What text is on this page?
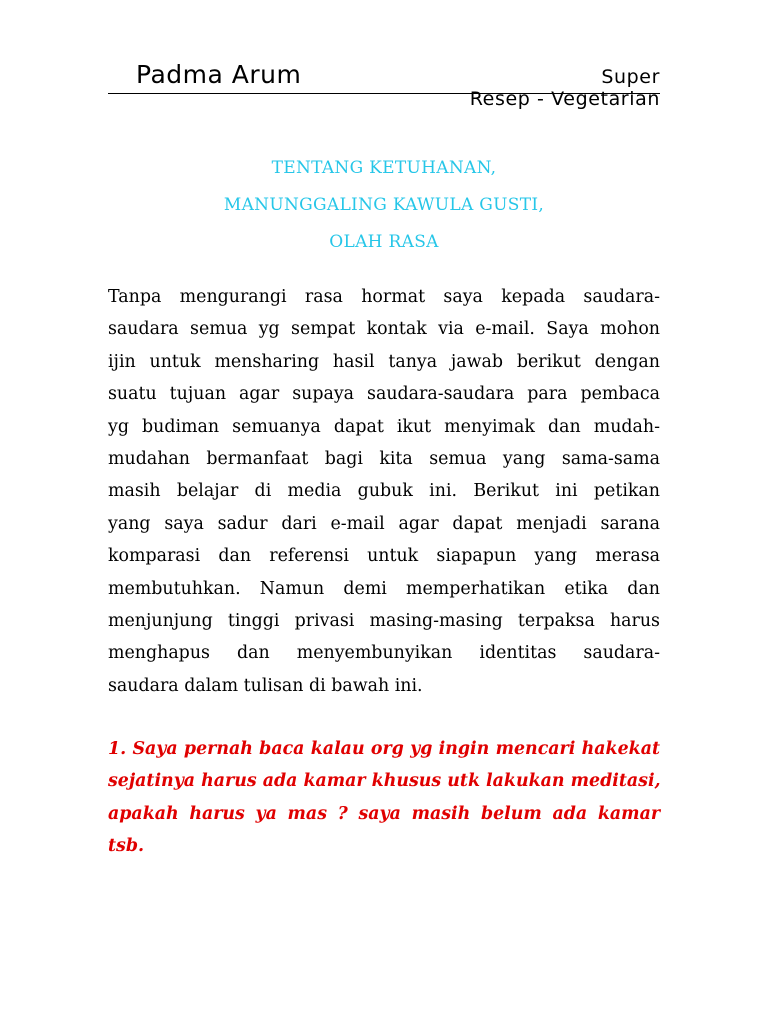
Padma Arum	Super
Resep - Vegetarian
TENTANG KETUHANAN,
MANUNGGALING KAWULA GUSTI,
OLAH RASA
Tanpa mengurangi rasa hormat saya kepada saudara-
saudara semua yg sempat kontak via e-mail. Saya mohon
ijin untuk mensharing hasil tanya jawab berikut dengan
suatu tujuan agar supaya saudara-saudara para pembaca
yg budiman semuanya dapat ikut menyimak dan mudah-
mudahan bermanfaat bagi kita semua yang sama-sama
masih belajar di media gubuk ini. Berikut ini petikan
yang saya sadur dari e-mail agar dapat menjadi sarana
komparasi dan referensi untuk siapapun yang merasa
membutuhkan. Namun demi memperhatikan etika dan
menjunjung tinggi privasi masing-masing terpaksa harus
menghapus dan menyembunyikan identitas saudara-
saudara dalam tulisan di bawah ini.
1. Saya pernah baca kalau org yg ingin mencari hakekat
sejatinya harus ada kamar khusus utk lakukan meditasi,
apakah harus ya mas ? saya masih belum ada kamar
tsb.
